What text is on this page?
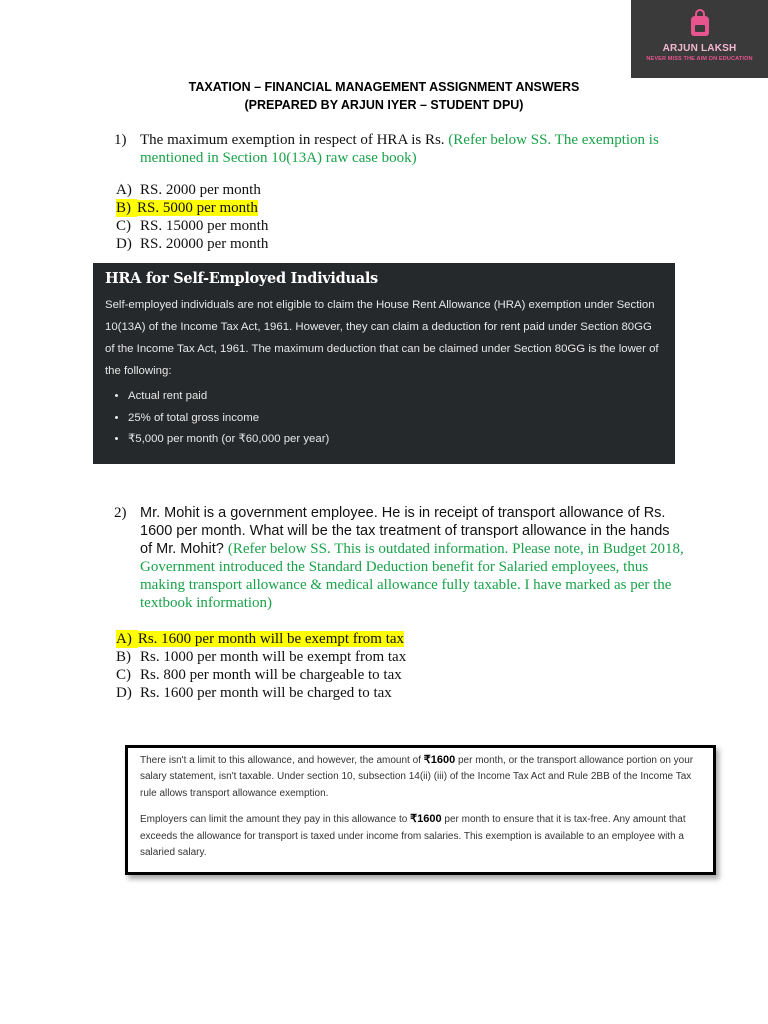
ARJUN LAKSH
NEVER MISS THE AIM ON EDUCATION
TAXATION – FINANCIAL MANAGEMENT ASSIGNMENT ANSWERS
(PREPARED BY ARJUN IYER – STUDENT DPU)
1) The maximum exemption in respect of HRA is Rs. (Refer below SS. The exemption is mentioned in Section 10(13A) raw case book)
A) RS. 2000 per month
B) RS. 5000 per month
C) RS. 15000 per month
D) RS. 20000 per month
HRA for Self-Employed Individuals
Self-employed individuals are not eligible to claim the House Rent Allowance (HRA) exemption under Section 10(13A) of the Income Tax Act, 1961. However, they can claim a deduction for rent paid under Section 80GG of the Income Tax Act, 1961. The maximum deduction that can be claimed under Section 80GG is the lower of the following:
• Actual rent paid
• 25% of total gross income
• ₹5,000 per month (or ₹60,000 per year)
2) Mr. Mohit is a government employee. He is in receipt of transport allowance of Rs. 1600 per month. What will be the tax treatment of transport allowance in the hands of Mr. Mohit? (Refer below SS. This is outdated information. Please note, in Budget 2018, Government introduced the Standard Deduction benefit for Salaried employees, thus making transport allowance & medical allowance fully taxable. I have marked as per the textbook information)
A) Rs. 1600 per month will be exempt from tax
B) Rs. 1000 per month will be exempt from tax
C) Rs. 800 per month will be chargeable to tax
D) Rs. 1600 per month will be charged to tax

There isn't a limit to this allowance, and however, the amount of ₹1600 per month, or the transport allowance portion on your salary statement, isn't taxable. Under section 10, subsection 14(ii) (iii) of the Income Tax Act and Rule 2BB of the Income Tax rule allows transport allowance exemption.

Employers can limit the amount they pay in this allowance to ₹1600 per month to ensure that it is tax-free. Any amount that exceeds the allowance for transport is taxed under income from salaries. This exemption is available to an employee with a salaried salary.
